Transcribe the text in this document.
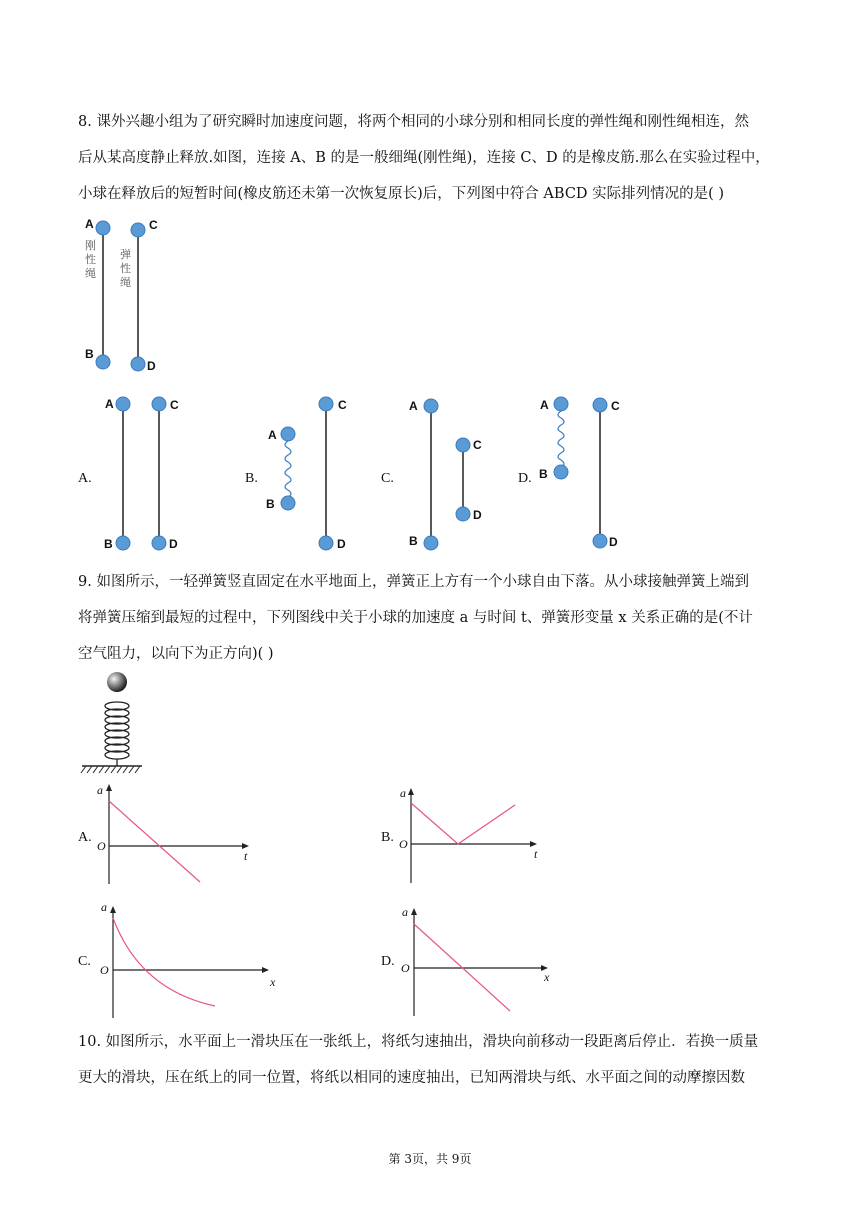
8. 课外兴趣小组为了研究瞬时加速度问题，将两个相同的小球分别和相同长度的弹性绳和刚性绳相连，然
后从某高度静止释放.如图，连接 A、B 的是一般细绳(刚性绳)，连接 C、D 的是橡皮筋.那么在实验过程中，
小球在释放后的短暂时间(橡皮筋还未第一次恢复原长)后，下列图中符合 ABCD 实际排列情况的是( )
9. 如图所示，一轻弹簧竖直固定在水平地面上，弹簧正上方有一个小球自由下落。从小球接触弹簧上端到
将弹簧压缩到最短的过程中，下列图线中关于小球的加速度 a 与时间 t、弹簧形变量 x 关系正确的是(不计
空气阻力，以向下为正方向)( )
10. 如图所示，水平面上一滑块压在一张纸上，将纸匀速抽出，滑块向前移动一段距离后停止．若换一质量
更大的滑块，压在纸上的同一位置，将纸以相同的速度抽出，已知两滑块与纸、水平面之间的动摩擦因数
A
B
C
D
刚
性
绳
弹
性
绳
A.
A
B
C
D
B.
A
B
C
D
C.
A
B
C
D
D.
A
B
C
D
A.
a
O
t
B.
a
O
t
C.
a
O
x
D.
a
O
x
第 3页，共 9页
